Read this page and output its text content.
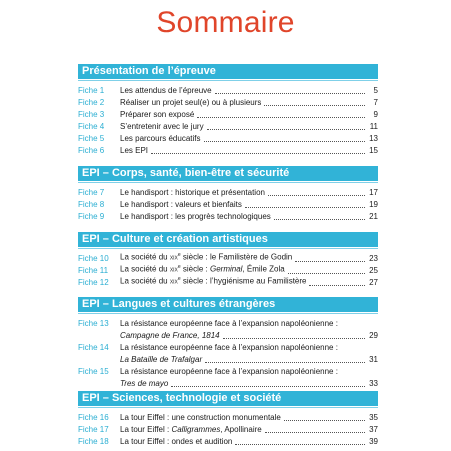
Sommaire
Présentation de l’épreuve
Fiche 1	Les attendus de l’épreuve	5
Fiche 2	Réaliser un projet seul(e) ou à plusieurs	7
Fiche 3	Préparer son exposé	9
Fiche 4	S’entretenir avec le jury	11
Fiche 5	Les parcours éducatifs	13
Fiche 6	Les EPI	15
EPI – Corps, santé, bien-être et sécurité
Fiche 7	Le handisport : historique et présentation	17
Fiche 8	Le handisport : valeurs et bienfaits	19
Fiche 9	Le handisport : les progrès technologiques	21
EPI – Culture et création artistiques
Fiche 10	La société du xix$^e$ siècle : le Familistère de Godin	23
Fiche 11	La société du xix$^e$ siècle : Germinal, Émile Zola	25
Fiche 12	La société du xix$^e$ siècle : l’hygiénisme au Familistère	27
EPI – Langues et cultures étrangères
Fiche 13	La résistance européenne face à l’expansion napoléonienne :
Campagne de France, 1814	29
Fiche 14	La résistance européenne face à l’expansion napoléonienne :
La Bataille de Trafalgar	31
Fiche 15	La résistance européenne face à l’expansion napoléonienne :
Tres de mayo	33
EPI – Sciences, technologie et société
Fiche 16	La tour Eiffel : une construction monumentale	35
Fiche 17	La tour Eiffel : Calligrammes, Apollinaire	37
Fiche 18	La tour Eiffel : ondes et audition	39
